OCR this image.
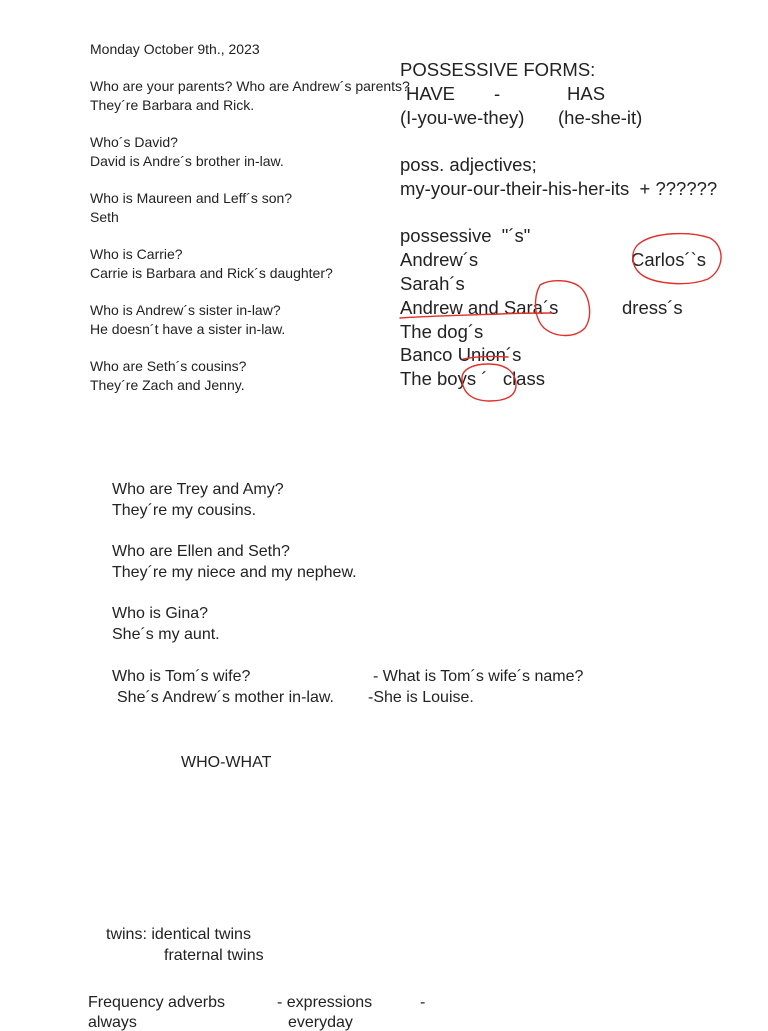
Monday October 9th., 2023
Who are your parents? Who are Andrew´s parents?
They´re Barbara and Rick.
Who´s David?
David is Andre´s brother in-law.
Who is Maureen and Leff´s son?
Seth
Who is Carrie?
Carrie is Barbara and Rick´s daughter?
Who is Andrew´s sister in-law?
He doesn´t have a sister in-law.
Who are Seth´s cousins?
They´re Zach and Jenny.
POSSESSIVE FORMS:
HAVE -	HAS
(I-you-we-they) (he-she-it)
poss. adjectives;
my-your-our-their-his-her-its  + ??????
possessive  "´s"
Andrew´s	Carlos´`s
Sarah´s
Andrew and Sara´s	dress´s
The dog´s
Banco Union´s
The boys ´   class
Who are Trey and Amy?
They´re my cousins.
Who are Ellen and Seth?
They´re my niece and my nephew.
Who is Gina?
She´s my aunt.
Who is Tom´s wife?	- What is Tom´s wife´s name?
She´s Andrew´s mother in-law. -She is Louise.
WHO-WHAT
twins: identical twins
fraternal twins
Frequency adverbs	- expressions	-
always	everyday
